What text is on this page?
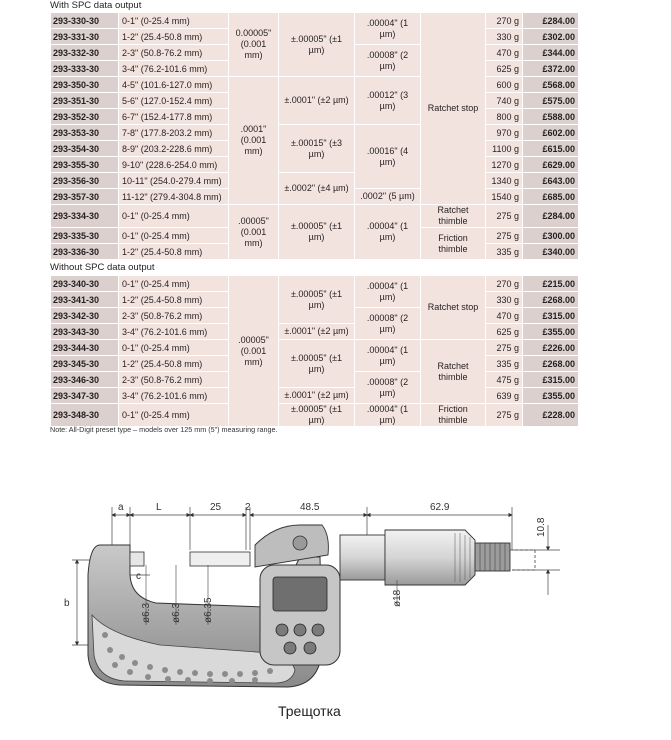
With SPC data output
293-330-30	0-1" (0-25.4 mm)	0.00005" (0.001 mm)	±.00005" (±1 µm)	.00004" (1 µm)	Ratchet stop	270 g	£284.00
293-331-30	1-2" (25.4-50.8 mm)					330 g	£302.00
293-332-30	2-3" (50.8-76.2 mm)			.00008" (2 µm)		470 g	£344.00
293-333-30	3-4" (76.2-101.6 mm)					625 g	£372.00
293-350-30	4-5" (101.6-127.0 mm)	.0001" (0.001 mm)	±.0001" (±2 µm)	.00012" (3 µm)		600 g	£568.00
293-351-30	5-6" (127.0-152.4 mm)					740 g	£575.00
293-352-30	6-7" (152.4-177.8 mm)					800 g	£588.00
293-353-30	7-8" (177.8-203.2 mm)		±.00015" (±3 µm)	.00016" (4 µm)		970 g	£602.00
293-354-30	8-9" (203.2-228.6 mm)					1100 g	£615.00
293-355-30	9-10" (228.6-254.0 mm)					1270 g	£629.00
293-356-30	10-11" (254.0-279.4 mm)		±.0002" (±4 µm)			1340 g	£643.00
293-357-30	11-12" (279.4-304.8 mm)			.0002" (5 µm)		1540 g	£685.00
293-334-30	0-1" (0-25.4 mm)	.00005" (0.001 mm)	±.00005" (±1 µm)	.00004" (1 µm)	Ratchet thimble	275 g	£284.00
293-335-30	0-1" (0-25.4 mm)				Friction thimble	275 g	£300.00
293-336-30	1-2" (25.4-50.8 mm)					335 g	£340.00
Without SPC data output
293-340-30	0-1" (0-25.4 mm)	.00005" (0.001 mm)	±.00005" (±1 µm)	.00004" (1 µm)	Ratchet stop	270 g	£215.00
293-341-30	1-2" (25.4-50.8 mm)					330 g	£268.00
293-342-30	2-3" (50.8-76.2 mm)			.00008" (2 µm)		470 g	£315.00
293-343-30	3-4" (76.2-101.6 mm)		±.0001" (±2 µm)			625 g	£355.00
293-344-30	0-1" (0-25.4 mm)		±.00005" (±1 µm)	.00004" (1 µm)	Ratchet thimble	275 g	£226.00
293-345-30	1-2" (25.4-50.8 mm)					335 g	£268.00
293-346-30	2-3" (50.8-76.2 mm)			.00008" (2 µm)		475 g	£315.00
293-347-30	3-4" (76.2-101.6 mm)		±.0001" (±2 µm)			639 g	£355.00
293-348-30	0-1" (0-25.4 mm)		±.00005" (±1 µm)	.00004" (1 µm)	Friction thimble	275 g	£228.00
Note: All-Digit preset type – models over 125 mm (5") measuring range.
a	L	25 2	48.5	62.9
10.8
b
c
ø6.3 ø6.3 ø6.35	ø18
Трещотка
